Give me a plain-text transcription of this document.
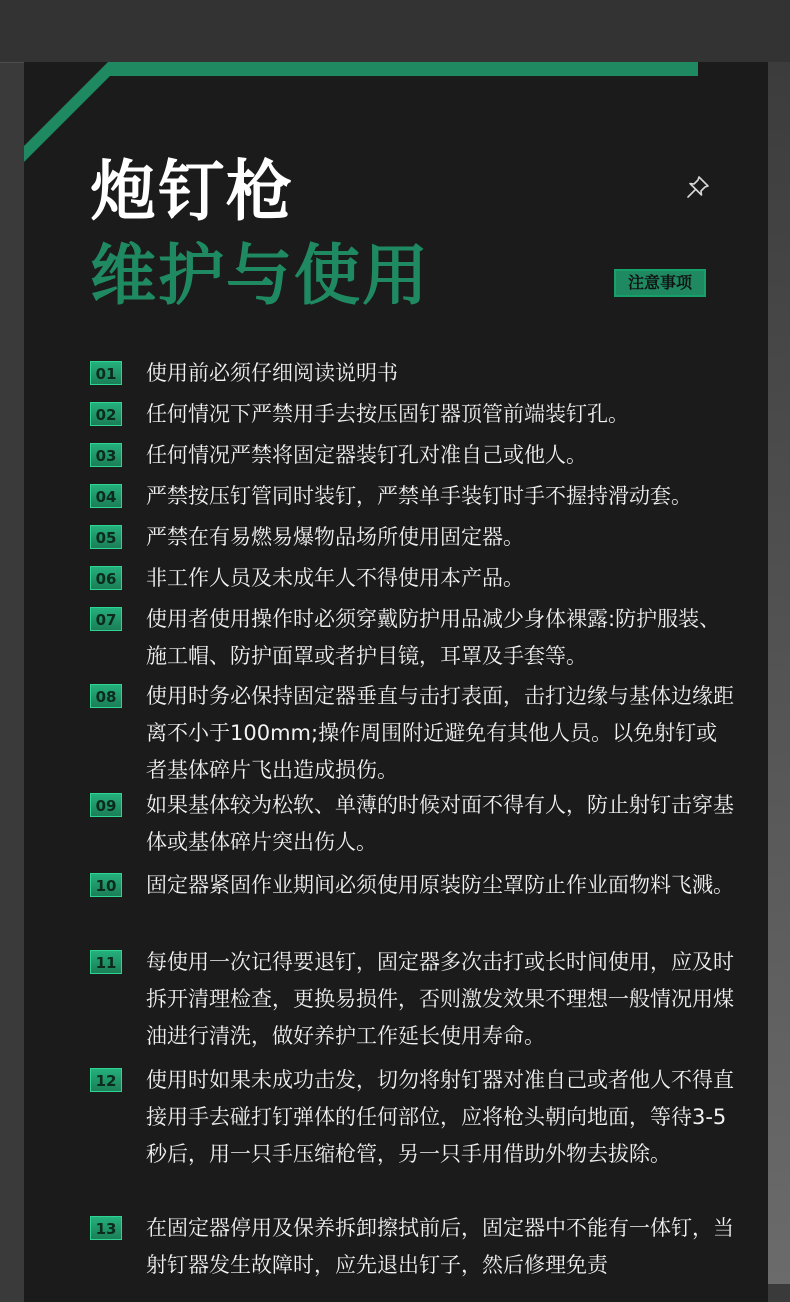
炮钉枪
维护与使用	注意事项
01 使用前必须仔细阅读说明书

02 任何情况下严禁用手去按压固钉器顶管前端装钉孔。

03 任何情况严禁将固定器装钉孔对准自己或他人。

04 严禁按压钉管同时装钉，严禁单手装钉时手不握持滑动套。

05 严禁在有易燃易爆物品场所使用固定器。

06 非工作人员及未成年人不得使用本产品。

07 使用者使用操作时必须穿戴防护用品减少身体裸露:防护服装、施工帽、防护面罩或者护目镜，耳罩及手套等。

08 使用时务必保持固定器垂直与击打表面，击打边缘与基体边缘距离不小于100mm;操作周围附近避免有其他人员。以免射钉或者基体碎片飞出造成损伤。

09 如果基体较为松软、单薄的时候对面不得有人，防止射钉击穿基体或基体碎片突出伤人。

10 固定器紧固作业期间必须使用原装防尘罩防止作业面物料飞溅。

11 每使用一次记得要退钉，固定器多次击打或长时间使用，应及时拆开清理检查，更换易损件，否则激发效果不理想一般情况用煤油进行清洗，做好养护工作延长使用寿命。

12 使用时如果未成功击发，切勿将射钉器对准自己或者他人不得直接用手去碰打钉弹体的任何部位，应将枪头朝向地面，等待3-5秒后，用一只手压缩枪管，另一只手用借助外物去拔除。

13 在固定器停用及保养拆卸擦拭前后，固定器中不能有一体钉，当射钉器发生故障时，应先退出钉子，然后修理免责
